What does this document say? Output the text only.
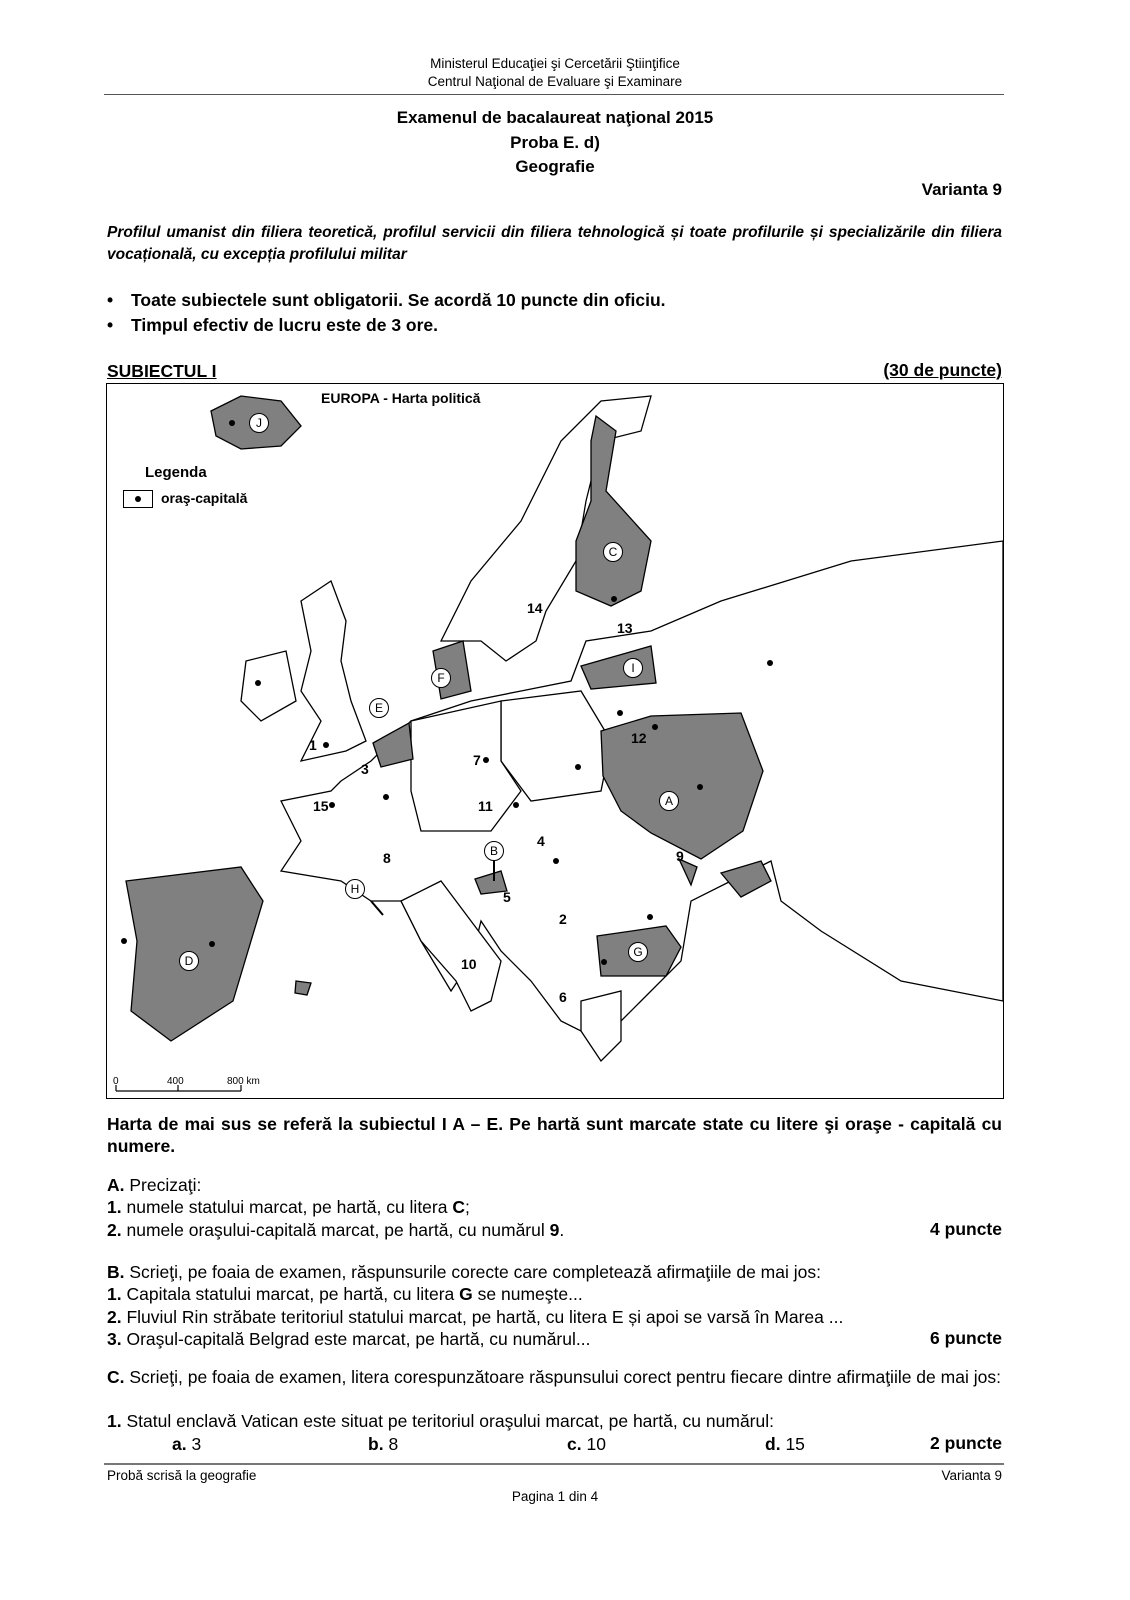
Ministerul Educaţiei şi Cercetării Ştiinţifice
Centrul Naţional de Evaluare şi Examinare
Examenul de bacalaureat naţional 2015
Proba E. d)
Geografie
Varianta 9
Profilul umanist din filiera teoretică, profilul servicii din filiera tehnologică și toate profilurile și specializările din filiera vocațională, cu excepția profilului militar
• Toate subiectele sunt obligatorii. Se acordă 10 puncte din oficiu.
• Timpul efectiv de lucru este de 3 ore.
SUBIECTUL I	(30 de puncte)
EUROPA - Harta politică
Legenda
oraş-capitală
0	400	800 km
J
C
F
E
I
A
B
H
D
G
1
2
3
4
5
6
7
8	9
10
11
12
13
14
15
Harta de mai sus se referă la subiectul I A – E. Pe hartă sunt marcate state cu litere şi oraşe - capitală cu numere.
A. Precizaţi:
1. numele statului marcat, pe hartă, cu litera C;
2. numele oraşului-capitală marcat, pe hartă, cu numărul 9.	4 puncte
B. Scrieţi, pe foaia de examen, răspunsurile corecte care completează afirmaţiile de mai jos:
1. Capitala statului marcat, pe hartă, cu litera G se numeşte...
2. Fluviul Rin străbate teritoriul statului marcat, pe hartă, cu litera E și apoi se varsă în Marea ...
3. Oraşul-capitală Belgrad este marcat, pe hartă, cu numărul...	6 puncte
C. Scrieţi, pe foaia de examen, litera corespunzătoare răspunsului corect pentru fiecare dintre afirmaţiile de mai jos:
1. Statul enclavă Vatican este situat pe teritoriul oraşului marcat, pe hartă, cu numărul:
a. 3	b. 8	c. 10	d. 15	2 puncte
Probă scrisă la geografie	Varianta 9
Pagina 1 din 4
